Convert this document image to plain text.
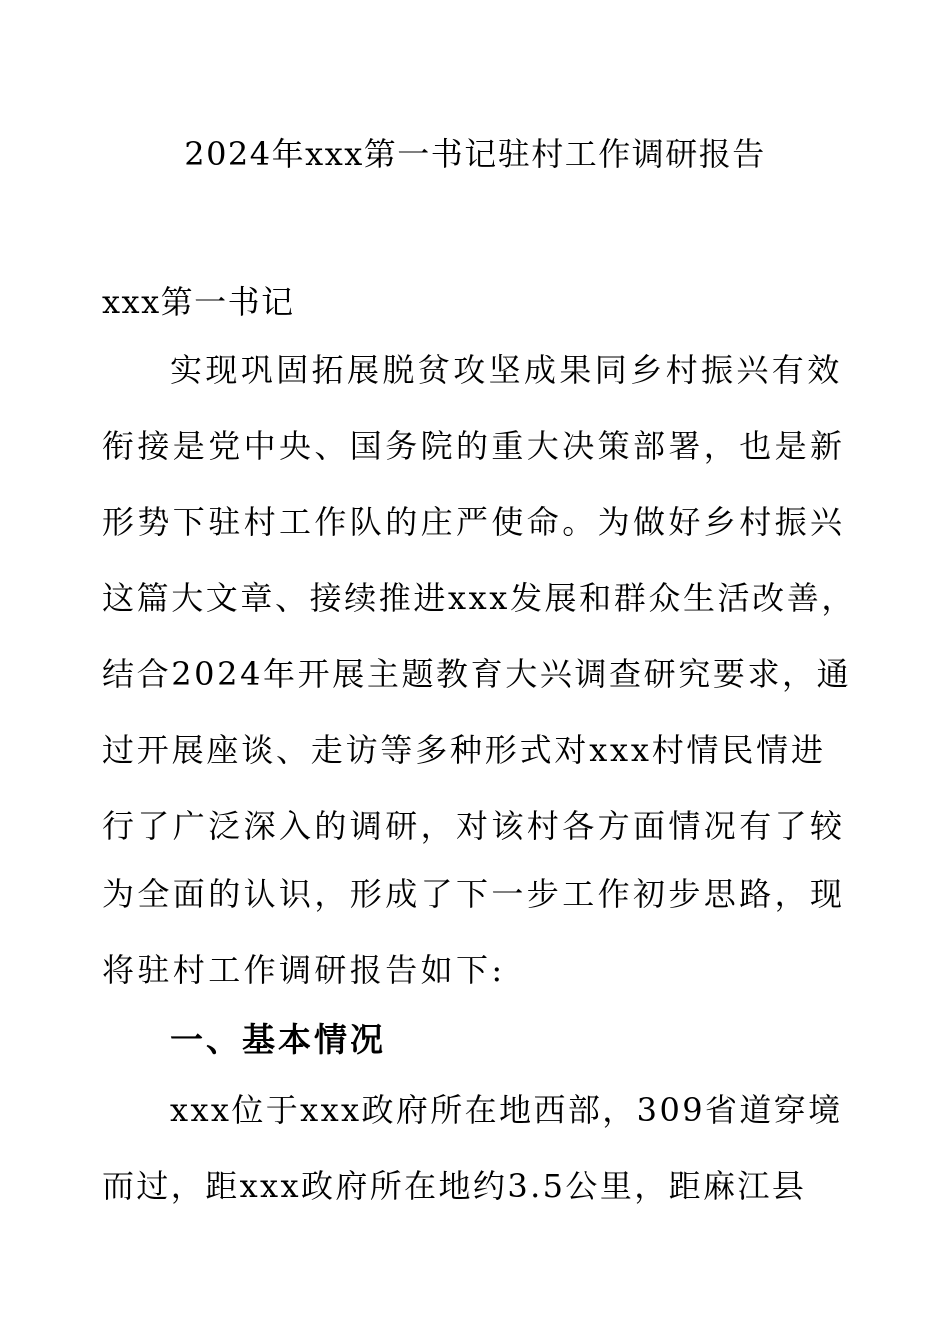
2024年xxx第一书记驻村工作调研报告
xxx第一书记
实现巩固拓展脱贫攻坚成果同乡村振兴有效
衔接是党中央、国务院的重大决策部署，也是新
形势下驻村工作队的庄严使命。为做好乡村振兴
这篇大文章、接续推进xxx发展和群众生活改善，
结合2024年开展主题教育大兴调查研究要求，通
过开展座谈、走访等多种形式对xxx村情民情进
行了广泛深入的调研，对该村各方面情况有了较
为全面的认识，形成了下一步工作初步思路，现
将驻村工作调研报告如下:
一、基本情况
xxx位于xxx政府所在地西部，309省道穿境
而过，距xxx政府所在地约3.5公里，距麻江县
